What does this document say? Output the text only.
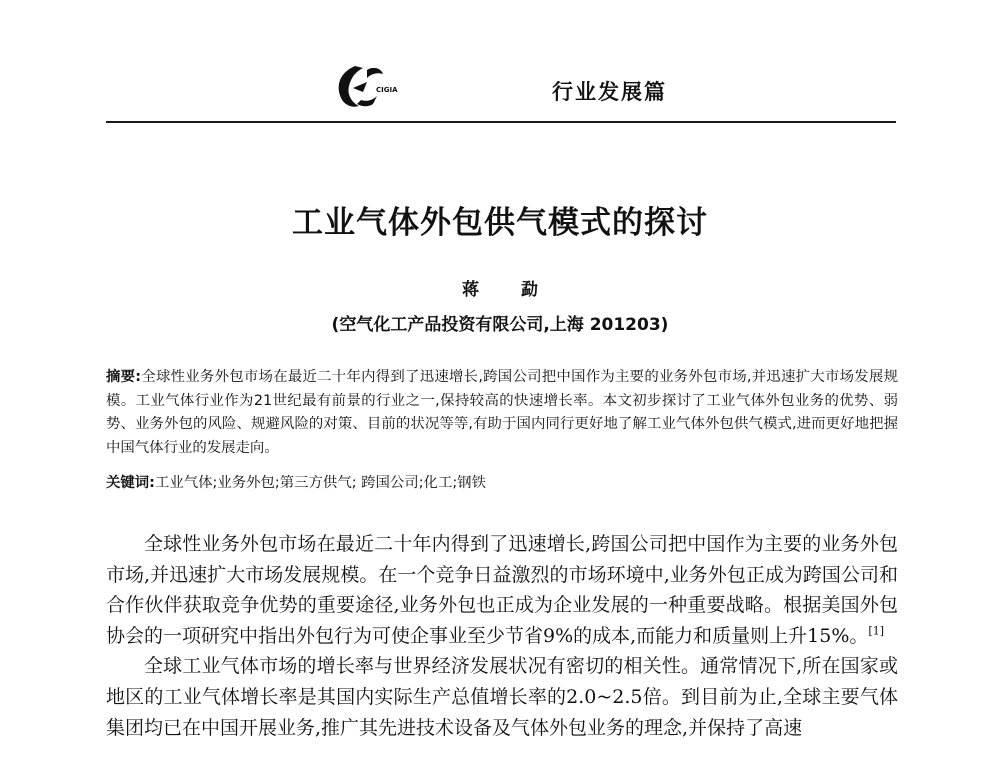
CIGIA	行业发展篇
工业气体外包供气模式的探讨
蒋 勐
(空气化工产品投资有限公司,上海 201203)
摘要:全球性业务外包市场在最近二十年内得到了迅速增长,跨国公司把中国作为主要的业务外包市场,并迅速扩大市场发展规模。工业气体行业作为21世纪最有前景的行业之一,保持较高的快速增长率。本文初步探讨了工业气体外包业务的优势、弱势、业务外包的风险、规避风险的对策、目前的状况等等,有助于国内同行更好地了解工业气体外包供气模式,进而更好地把握中国气体行业的发展走向。
关键词:工业气体;业务外包;第三方供气; 跨国公司;化工;钢铁

全球性业务外包市场在最近二十年内得到了迅速增长,跨国公司把中国作为主要的业务外包市场,并迅速扩大市场发展规模。在一个竞争日益激烈的市场环境中,业务外包正成为跨国公司和合作伙伴获取竞争优势的重要途径,业务外包也正成为企业发展的一种重要战略。根据美国外包协会的一项研究中指出外包行为可使企事业至少节省9%的成本,而能力和质量则上升15%。[1]

全球工业气体市场的增长率与世界经济发展状况有密切的相关性。通常情况下,所在国家或地区的工业气体增长率是其国内实际生产总值增长率的2.0~2.5倍。到目前为止,全球主要气体集团均已在中国开展业务,推广其先进技术设备及气体外包业务的理念,并保持了高速
